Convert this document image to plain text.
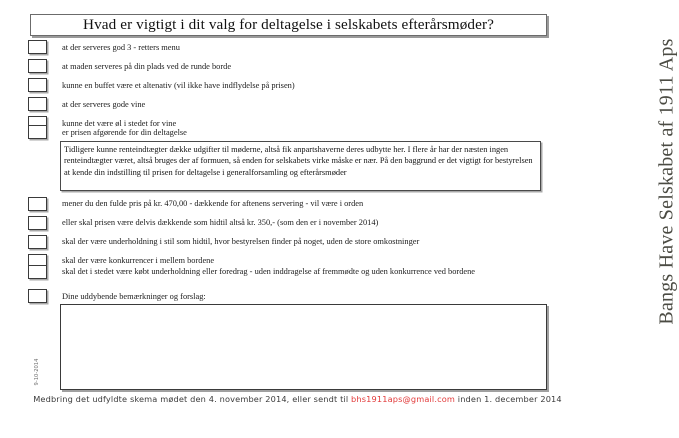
Hvad er vigtigt i dit valg for deltagelse i selskabets efterårsmøder?
at der serveres god 3 - retters menu
at maden serveres på din plads ved de runde borde
kunne en buffet være et altenativ (vil ikke have indflydelse på prisen)
at der serveres gode vine
kunne det være øl i stedet for vine
er prisen afgørende for din deltagelse
Tidligere kunne renteindtægter dække udgifter til møderne, altså fik anpartshaverne deres udbytte her. I flere år har der næsten ingen renteindtægter været, altså bruges der af formuen, så enden for selskabets virke måske er nær. På den baggrund er det vigtigt for bestyrelsen at kende din indstilling til prisen for deltagelse i generalforsamling og efterårsmøder
mener du den fulde pris på kr. 470,00 - dækkende for aftenens servering - vil være i orden
eller skal prisen være delvis dækkende som hidtil altså kr. 350,- (som den er i november 2014)
skal der være underholdning i stil som hidtil, hvor bestyrelsen finder på noget, uden de store omkostninger
skal der være konkurrencer i mellem bordene
skal det i stedet være købt underholdning eller foredrag - uden inddragelse af fremmødte og uden konkurrence ved bordene
Dine uddybende bemærkninger og forslag:
Medbring det udfyldte skema mødet den 4. november 2014, eller sendt til bhs1911aps@gmail.com inden 1. december 2014
Bangs Have Selskabet af 1911 Aps
9-10-2014
